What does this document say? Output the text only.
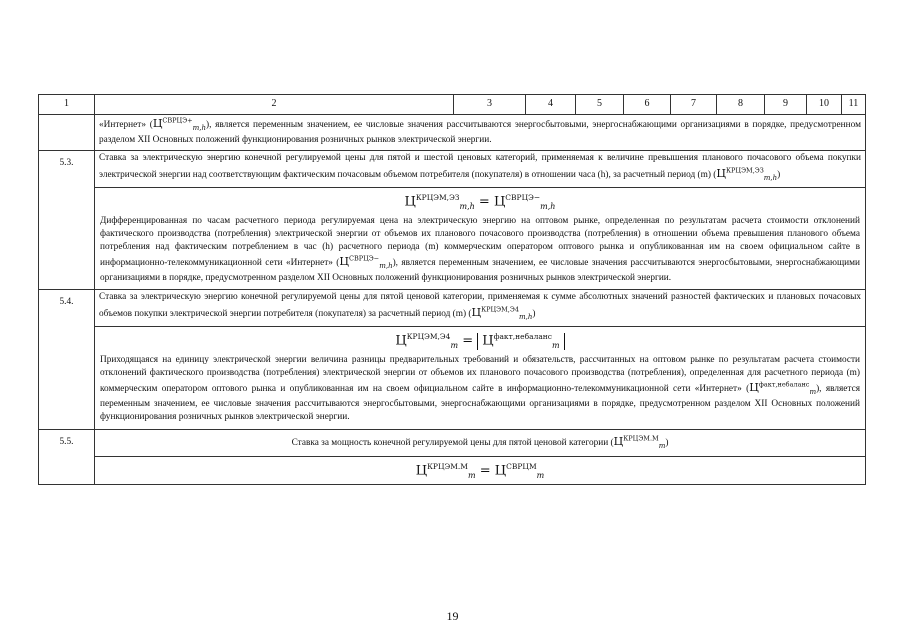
1	2	3	4	5	6	7	8	9	10	11
	«Интернет» $(Ц^{СВРЦЭ+}_{m,h})$, является переменным значением, ее числовые значения рассчитываются энергосбытовыми, энергоснабжающими организациями в порядке, предусмотренном разделом XII Основных положений функционирования розничных рынков электрической энергии.									
5.3.	Ставка за электрическую энергию конечной регулируемой цены для пятой и шестой ценовых категорий, применяемая к величине превышения планового почасового объема покупки электрической энергии над соответствующим фактическим почасовым объемом потребителя (покупателя) в отношении часа (h), за расчетный период (m) $(Ц^{КРЦЭМ,ЭЗ}_{m,h})$									

	$Ц^{КРЦЭМ,ЭЗ}_{m,h} = Ц^{СВРЦЭ-}_{m,h}$
Дифференцированная по часам расчетного периода регулируемая цена на электрическую энергию на оптовом рынке, определенная по результатам расчета стоимости отклонений фактического производства (потребления) электрической энергии от объемов их планового почасового производства (потребления) в отношении объема превышения планового объема потребления над фактическим потреблением в час (h) расчетного периода (m) коммерческим оператором оптового рынка и опубликованная им на своем официальном сайте в информационно-телекоммуникационной сети «Интернет» $(Ц^{СВРЦЭ-}_{m,h})$, является переменным значением, ее числовые значения рассчитываются энергосбытовыми, энергоснабжающими организациями в порядке, предусмотренном разделом XII Основных положений функционирования розничных рынков электрической энергии.									

5.4.	Ставка за электрическую энергию конечной регулируемой цены для пятой ценовой категории, применяемая к сумме абсолютных значений разностей фактических и плановых почасовых объемов покупки электрической энергии потребителя (покупателя) за расчетный период (m) $(Ц^{КРЦЭМ,Э4}_{m,h})$									

	$Ц^{КРЦЭМ,Э4}_m = Ц^{факт,небаланс}_m$
Приходящаяся на единицу электрической энергии величина разницы предварительных требований и обязательств, рассчитанных на оптовом рынке по результатам расчета стоимости отклонений фактического производства (потребления) электрической энергии от объемов их планового почасового производства (потребления), определенная для расчетного периода (m) коммерческим оператором оптового рынка и опубликованная им на своем официальном сайте в информационно-телекоммуникационной сети «Интернет» $(Ц^{факт,небаланс}_m)$, является переменным значением, ее числовые значения рассчитываются энергосбытовыми, энергоснабжающими организациями в порядке, предусмотренном разделом XII Основных положений функционирования розничных рынков электрической энергии.									

5.5.	Ставка за мощность конечной регулируемой цены для пятой ценовой категории $(Ц^{КРЦЭМ.М}_m)$									

	$Ц^{КРЦЭМ.М}_m = Ц^{СВРЦМ}_m$
19
